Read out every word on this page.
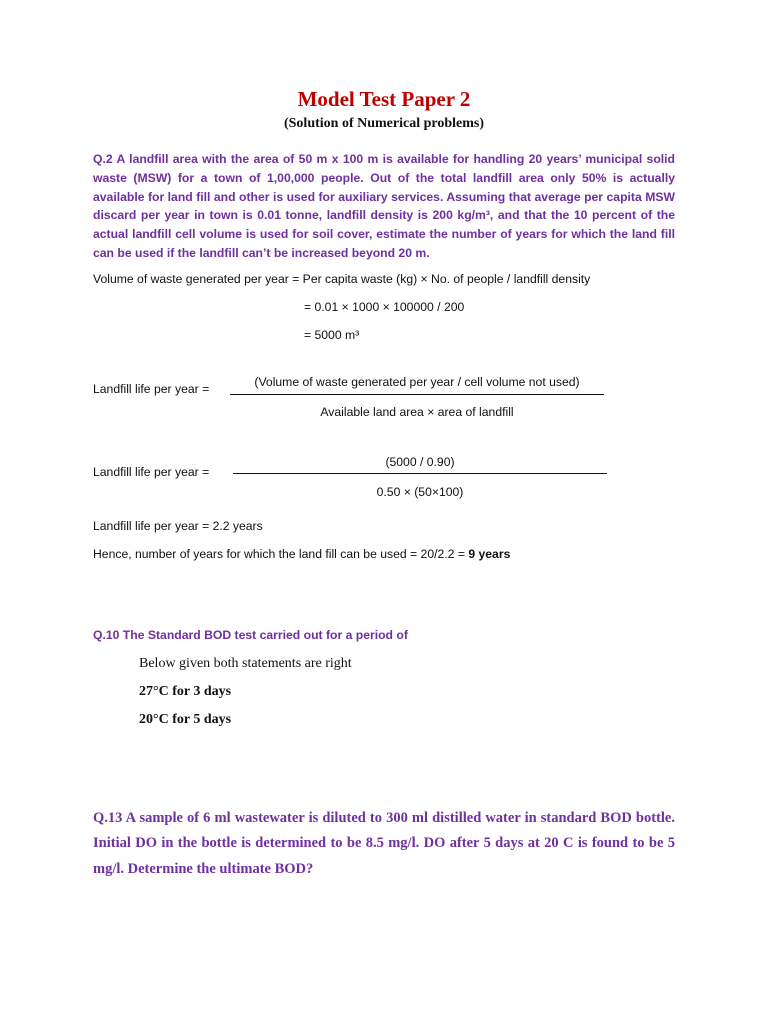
Model Test Paper 2
(Solution of Numerical problems)

Q.2 A landfill area with the area of 50 m x 100 m is available for handling 20 years’ municipal solid waste (MSW) for a town of 1,00,000 people. Out of the total landfill area only 50% is actually available for land fill and other is used for auxiliary services. Assuming that average per capita MSW discard per year in town is 0.01 tonne, landfill density is 200 kg/m³, and that the 10 percent of the actual landfill cell volume is used for soil cover, estimate the number of years for which the land fill can be used if the landfill can’t be increased beyond 20 m.

Volume of waste generated per year = Per capita waste (kg) × No. of people / landfill density
= 0.01 × 1000 × 100000 / 200
= 5000 m³
Landfill life per year =	(Volume of waste generated per year / cell volume not used)
Available land area × area of landfill
Landfill life per year =
(5000 / 0.90)
0.50 × (50×100)
Landfill life per year = 2.2 years
Hence, number of years for which the land fill can be used = 20/2.2 = 9 years
Q.10 The Standard BOD test carried out for a period of
Below given both statements are right
27°C for 3 days
20°C for 5 days

Q.13 A sample of 6 ml wastewater is diluted to 300 ml distilled water in standard BOD bottle. Initial DO in the bottle is determined to be 8.5 mg/l. DO after 5 days at 20 C is found to be 5 mg/l. Determine the ultimate BOD?
